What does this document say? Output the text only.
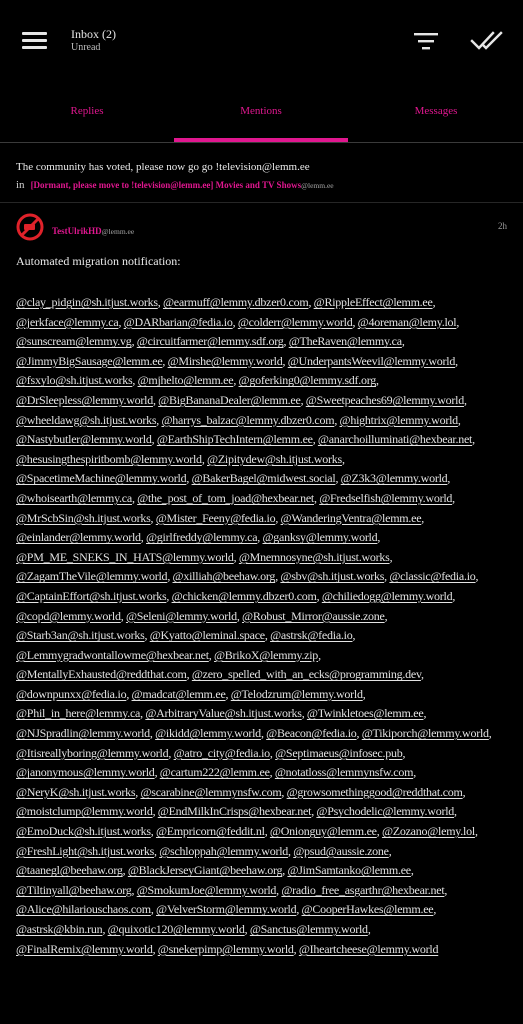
Inbox (2)
Unread
Replies	Mentions	Messages
The community has voted, please now go go !television@lemm.ee
in [Dormant, please move to !television@lemm.ee] Movies and TV Shows@lemm.ee
TestUlrikHD@lemm.ee
2h
Automated migration notification:
@clay_pidgin@sh.itjust.works, @earmuff@lemmy.dbzer0.com, @RippleEffect@lemm.ee, @jerkface@lemmy.ca, @DARbarian@fedia.io, @colderr@lemmy.world, @4oreman@lemy.lol, @sunscream@lemmy.vg, @circuitfarmer@lemmy.sdf.org, @TheRaven@lemmy.ca, @JimmyBigSausage@lemm.ee, @Mirshe@lemmy.world, @UnderpantsWeevil@lemmy.world, @fsxylo@sh.itjust.works, @mjhelto@lemm.ee, @goferking0@lemmy.sdf.org, @DrSleepless@lemmy.world, @BigBananaDealer@lemm.ee, @Sweetpeaches69@lemmy.world, @wheeldawg@sh.itjust.works, @harrys_balzac@lemmy.dbzer0.com, @hightrix@lemmy.world, @Nastybutler@lemmy.world, @EarthShipTechIntern@lemm.ee, @anarchoilluminati@hexbear.net, @hesusingthespiritbomb@lemmy.world, @Zipitydew@sh.itjust.works, @SpacetimeMachine@lemmy.world, @BakerBagel@midwest.social, @Z3k3@lemmy.world, @whoisearth@lemmy.ca, @the_post_of_tom_joad@hexbear.net, @Fredselfish@lemmy.world, @MrScbSin@sh.itjust.works, @Mister_Feeny@fedia.io, @WanderingVentra@lemm.ee, @einlander@lemmy.world, @girlfreddy@lemmy.ca, @ganksy@lemmy.world, @PM_ME_SNEKS_IN_HATS@lemmy.world, @Mnemnosyne@sh.itjust.works, @ZagamTheVile@lemmy.world, @xilliah@beehaw.org, @sbv@sh.itjust.works, @classic@fedia.io, @CaptainEffort@sh.itjust.works, @chicken@lemmy.dbzer0.com, @chiliedogg@lemmy.world, @copd@lemmy.world, @Seleni@lemmy.world, @Robust_Mirror@aussie.zone, @Starb3an@sh.itjust.works, @Kyatto@leminal.space, @astrsk@fedia.io, @Lemmygradwontallowme@hexbear.net, @BrikoX@lemmy.zip, @MentallyExhausted@reddthat.com, @zero_spelled_with_an_ecks@programming.dev, @downpunxx@fedia.io, @madcat@lemm.ee, @Telodzrum@lemmy.world, @Phil_in_here@lemmy.ca, @ArbitraryValue@sh.itjust.works, @Twinkletoes@lemm.ee, @NJSpradlin@lemmy.world, @ikidd@lemmy.world, @Beacon@fedia.io, @Tikiporch@lemmy.world, @Itisreallyboring@lemmy.world, @atro_city@fedia.io, @Septimaeus@infosec.pub, @janonymous@lemmy.world, @cartum222@lemm.ee, @notatloss@lemmynsfw.com, @NeryK@sh.itjust.works, @scarabine@lemmynsfw.com, @growsomethinggood@reddthat.com, @moistclump@lemmy.world, @EndMilkInCrisps@hexbear.net, @Psychodelic@lemmy.world, @EmoDuck@sh.itjust.works, @Empricorn@feddit.nl, @Onionguy@lemm.ee, @Zozano@lemy.lol, @FreshLight@sh.itjust.works, @schloppah@lemmy.world, @psud@aussie.zone, @taanegl@beehaw.org, @BlackJerseyGiant@beehaw.org, @JimSamtanko@lemm.ee, @Tiltinyall@beehaw.org, @SmokumJoe@lemmy.world, @radio_free_asgarthr@hexbear.net, @Alice@hilariouschaos.com, @VelverStorm@lemmy.world, @CooperHawkes@lemm.ee, @astrsk@kbin.run, @quixotic120@lemmy.world, @Sanctus@lemmy.world, @FinalRemix@lemmy.world, @snekerpimp@lemmy.world, @Iheartcheese@lemmy.world
